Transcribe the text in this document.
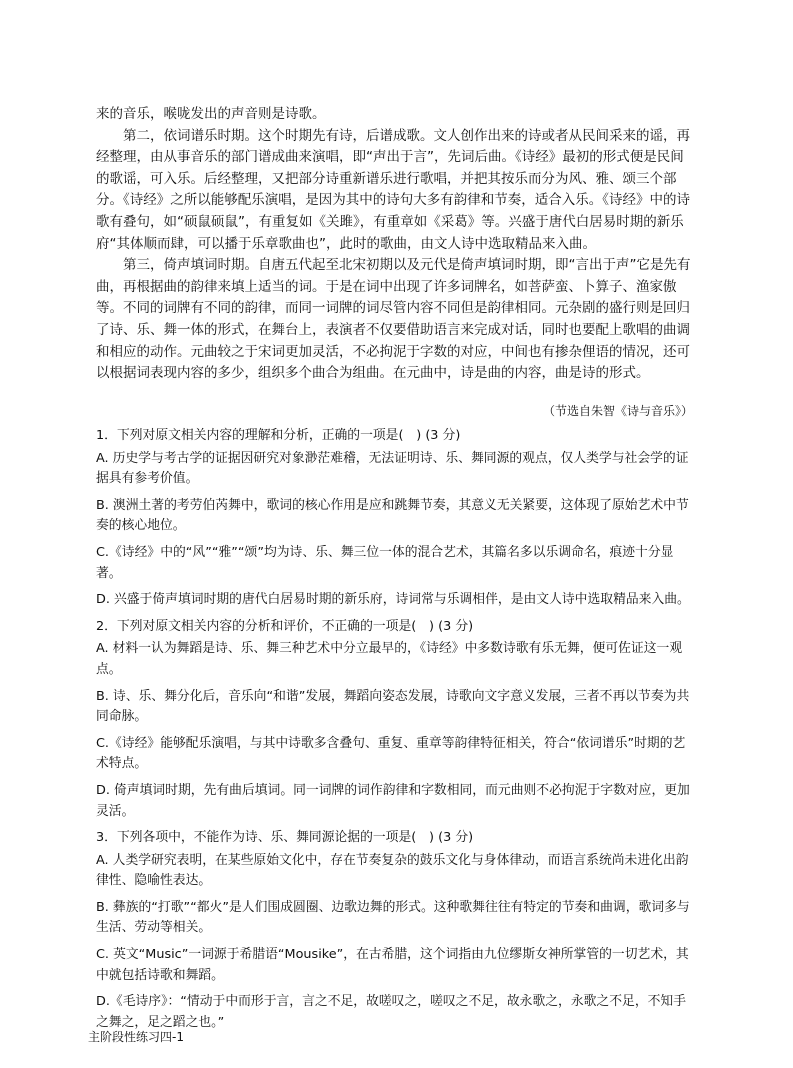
来的音乐，喉咙发出的声音则是诗歌。

第二，依词谱乐时期。这个时期先有诗，后谱成歌。文人创作出来的诗或者从民间采来的谣，再经整理，由从事音乐的部门谱成曲来演唱，即“声出于言”，先词后曲。《诗经》最初的形式便是民间的歌谣，可入乐。后经整理，又把部分诗重新谱乐进行歌唱，并把其按乐而分为风、雅、颂三个部分。《诗经》之所以能够配乐演唱，是因为其中的诗句大多有韵律和节奏，适合入乐。《诗经》中的诗歌有叠句，如“硕鼠硕鼠”，有重复如《关雎》，有重章如《采葛》等。兴盛于唐代白居易时期的新乐府“其体顺而肆，可以播于乐章歌曲也”，此时的歌曲，由文人诗中选取精品来入曲。

第三，倚声填词时期。自唐五代起至北宋初期以及元代是倚声填词时期，即“言出于声”它是先有曲，再根据曲的韵律来填上适当的词。于是在词中出现了许多词牌名，如菩萨蛮、卜算子、渔家傲等。不同的词牌有不同的韵律，而同一词牌的词尽管内容不同但是韵律相同。元杂剧的盛行则是回归了诗、乐、舞一体的形式，在舞台上，表演者不仅要借助语言来完成对话，同时也要配上歌唱的曲调和相应的动作。元曲较之于宋词更加灵活，不必拘泥于字数的对应，中间也有掺杂俚语的情况，还可以根据词表现内容的多少，组织多个曲合为组曲。在元曲中，诗是曲的内容，曲是诗的形式。

（节选自朱智《诗与音乐》）
1．下列对原文相关内容的理解和分析，正确的一项是(　) (3 分)
A. 历史学与考古学的证据因研究对象渺茫难稽，无法证明诗、乐、舞同源的观点，仅人类学与社会学的证据具有参考价值。
B. 澳洲土著的考劳伯芮舞中，歌词的核心作用是应和跳舞节奏，其意义无关紧要，这体现了原始艺术中节奏的核心地位。
C.《诗经》中的“风”“雅”“颂”均为诗、乐、舞三位一体的混合艺术，其篇名多以乐调命名，痕迹十分显著。
D. 兴盛于倚声填词时期的唐代白居易时期的新乐府，诗词常与乐调相伴，是由文人诗中选取精品来入曲。
2．下列对原文相关内容的分析和评价，不正确的一项是(　) (3 分)
A. 材料一认为舞蹈是诗、乐、舞三种艺术中分立最早的，《诗经》中多数诗歌有乐无舞，便可佐证这一观点。
B. 诗、乐、舞分化后，音乐向“和谐”发展，舞蹈向姿态发展，诗歌向文字意义发展，三者不再以节奏为共同命脉。
C.《诗经》能够配乐演唱，与其中诗歌多含叠句、重复、重章等韵律特征相关，符合“依词谱乐”时期的艺术特点。
D. 倚声填词时期，先有曲后填词。同一词牌的词作韵律和字数相同，而元曲则不必拘泥于字数对应，更加灵活。
3．下列各项中，不能作为诗、乐、舞同源论据的一项是(　) (3 分)
A. 人类学研究表明，在某些原始文化中，存在节奏复杂的鼓乐文化与身体律动，而语言系统尚未进化出韵律性、隐喻性表达。
B. 彝族的“打歌”“都火”是人们围成圆圈、边歌边舞的形式。这种歌舞往往有特定的节奏和曲调，歌词多与生活、劳动等相关。
C. 英文“Music”一词源于希腊语“Mousike”，在古希腊，这个词指由九位缪斯女神所掌管的一切艺术，其中就包括诗歌和舞蹈。
D.《毛诗序》：“情动于中而形于言，言之不足，故嗟叹之，嗟叹之不足，故永歌之，永歌之不足，不知手之舞之，足之蹈之也。”
主阶段性练习四-1
